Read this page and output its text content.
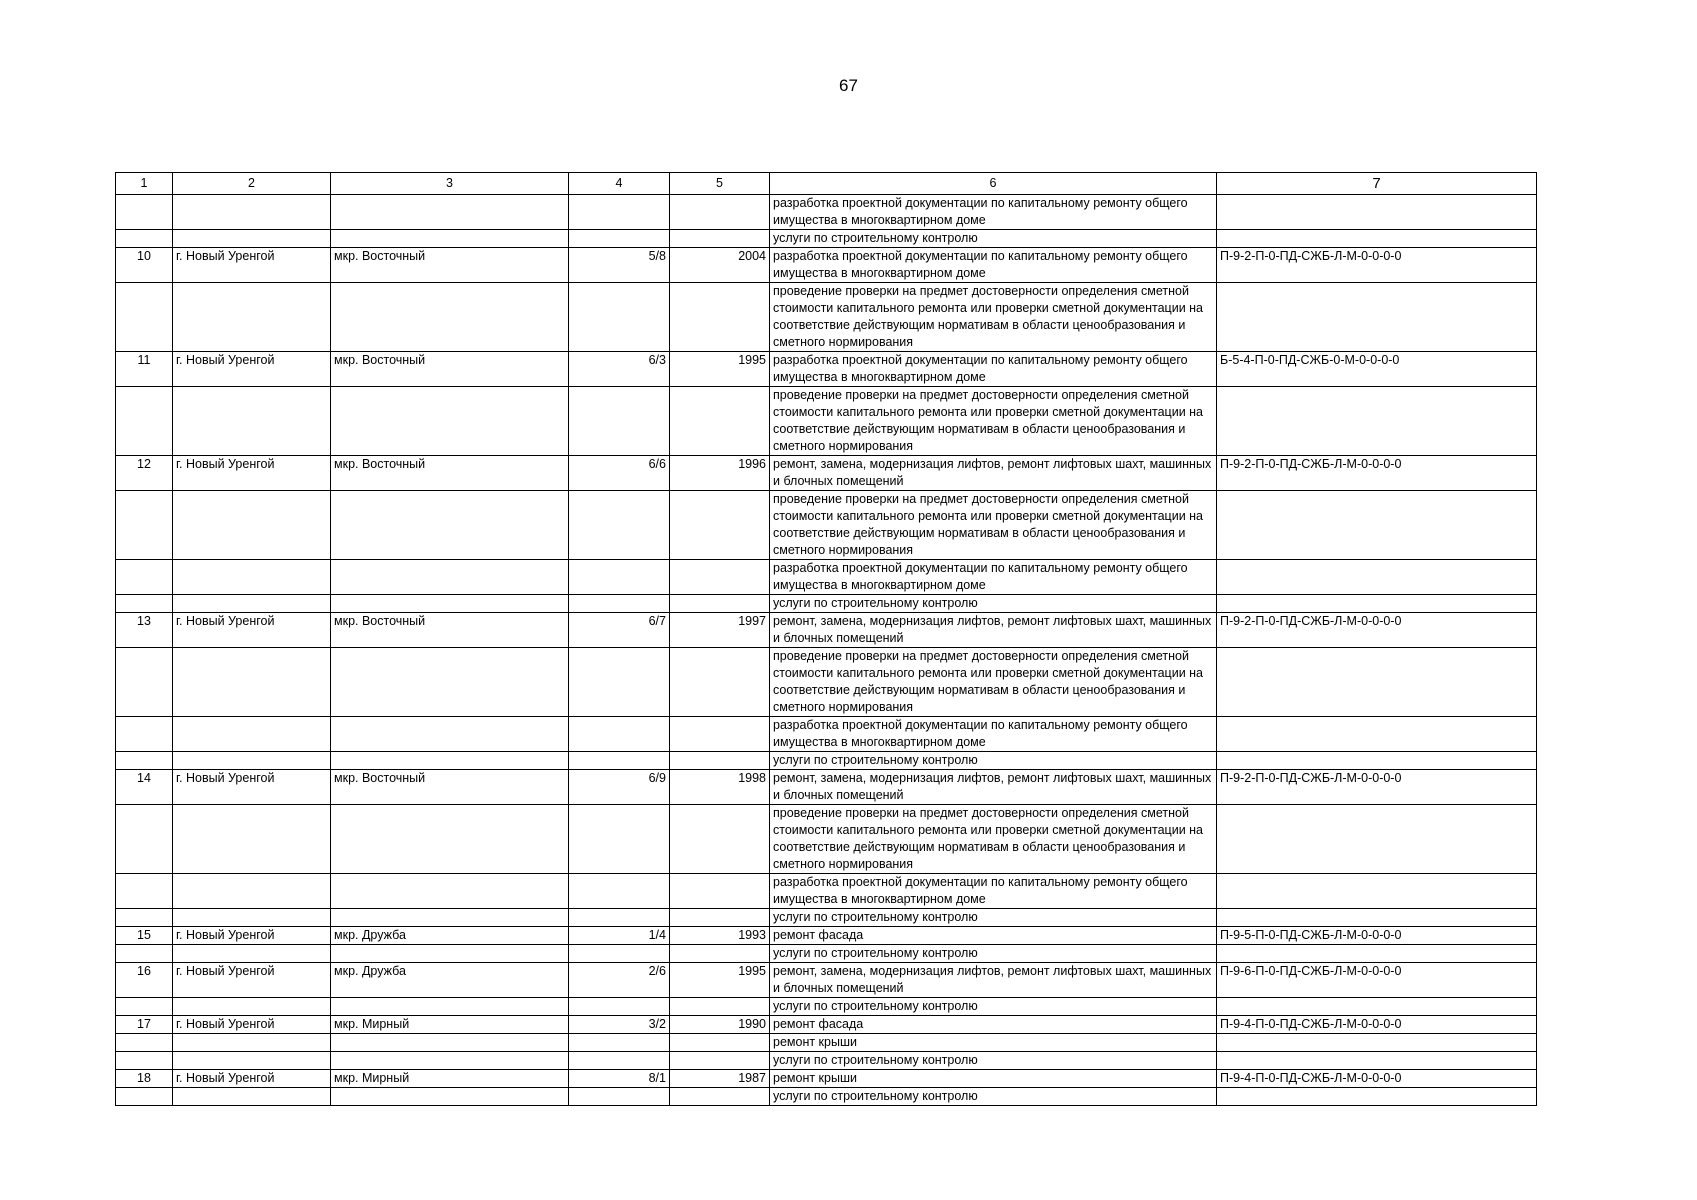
67
1	2	3	4	5	6	7
					разработка проектной документации по капитальному ремонту общего имущества в многоквартирном доме	
					услуги по строительному контролю	
10	г. Новый Уренгой	мкр. Восточный	5/8	2004	разработка проектной документации по капитальному ремонту общего имущества в многоквартирном доме	П-9-2-П-0-ПД-СЖБ-Л-М-0-0-0-0
					проведение проверки на предмет достоверности определения сметной стоимости капитального ремонта или проверки сметной документации на соответствие действующим нормативам в области ценообразования и сметного нормирования	
11	г. Новый Уренгой	мкр. Восточный	6/3	1995	разработка проектной документации по капитальному ремонту общего имущества в многоквартирном доме	Б-5-4-П-0-ПД-СЖБ-0-М-0-0-0-0
					проведение проверки на предмет достоверности определения сметной стоимости капитального ремонта или проверки сметной документации на соответствие действующим нормативам в области ценообразования и сметного нормирования	
12	г. Новый Уренгой	мкр. Восточный	6/6	1996	ремонт, замена, модернизация лифтов, ремонт лифтовых шахт, машинных и блочных помещений	П-9-2-П-0-ПД-СЖБ-Л-М-0-0-0-0
					проведение проверки на предмет достоверности определения сметной стоимости капитального ремонта или проверки сметной документации на соответствие действующим нормативам в области ценообразования и сметного нормирования	
					разработка проектной документации по капитальному ремонту общего имущества в многоквартирном доме	
					услуги по строительному контролю	
13	г. Новый Уренгой	мкр. Восточный	6/7	1997	ремонт, замена, модернизация лифтов, ремонт лифтовых шахт, машинных и блочных помещений	П-9-2-П-0-ПД-СЖБ-Л-М-0-0-0-0
					проведение проверки на предмет достоверности определения сметной стоимости капитального ремонта или проверки сметной документации на соответствие действующим нормативам в области ценообразования и сметного нормирования	
					разработка проектной документации по капитальному ремонту общего имущества в многоквартирном доме	
					услуги по строительному контролю	
14	г. Новый Уренгой	мкр. Восточный	6/9	1998	ремонт, замена, модернизация лифтов, ремонт лифтовых шахт, машинных и блочных помещений	П-9-2-П-0-ПД-СЖБ-Л-М-0-0-0-0
					проведение проверки на предмет достоверности определения сметной стоимости капитального ремонта или проверки сметной документации на соответствие действующим нормативам в области ценообразования и сметного нормирования	
					разработка проектной документации по капитальному ремонту общего имущества в многоквартирном доме	
					услуги по строительному контролю	
15	г. Новый Уренгой	мкр. Дружба	1/4	1993	ремонт фасада	П-9-5-П-0-ПД-СЖБ-Л-М-0-0-0-0
					услуги по строительному контролю	
16	г. Новый Уренгой	мкр. Дружба	2/6	1995	ремонт, замена, модернизация лифтов, ремонт лифтовых шахт, машинных и блочных помещений	П-9-6-П-0-ПД-СЖБ-Л-М-0-0-0-0
					услуги по строительному контролю	
17	г. Новый Уренгой	мкр. Мирный	3/2	1990	ремонт фасада	П-9-4-П-0-ПД-СЖБ-Л-М-0-0-0-0
					ремонт крыши	
					услуги по строительному контролю	
18	г. Новый Уренгой	мкр. Мирный	8/1	1987	ремонт крыши	П-9-4-П-0-ПД-СЖБ-Л-М-0-0-0-0
					услуги по строительному контролю	
